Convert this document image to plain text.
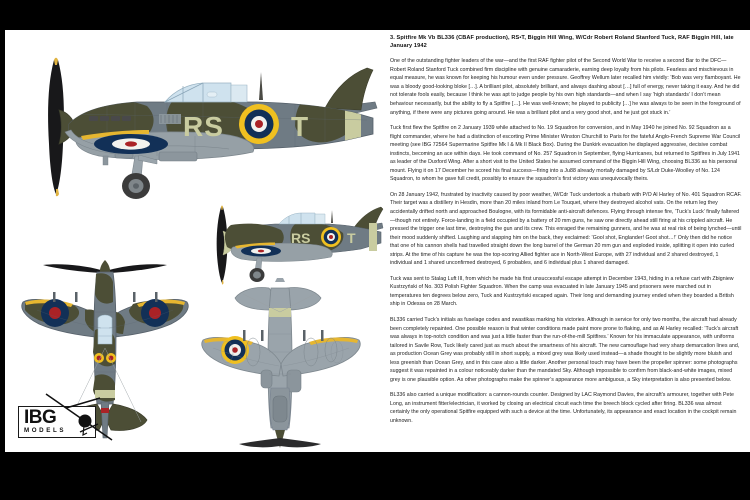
RS T
RS	T
IBG
MODELS
3. Spitfire Mk Vb BL336 (CBAF production), RS•T, Biggin Hill Wing, W/Cdr Robert Roland Stanford Tuck, RAF Biggin Hill, late January 1942

One of the outstanding fighter leaders of the war—and the first RAF fighter pilot of the Second World War to receive a second Bar to the DFC—Robert Roland Stanford Tuck combined firm discipline with genuine camaraderie, earning deep loyalty from his pilots. Fearless and mischievous in equal measure, he was known for keeping his humour even under pressure. Geoffrey Wellum later recalled him vividly: ‘Bob was very flamboyant. He was a bloody good-looking bloke […]. A brilliant pilot, absolutely brilliant, and always dashing about […] full of energy, never taking it easy. And he did not tolerate fools easily, because I think he was apt to judge people by his own high standards—and when I say ‘high standards’ I don’t mean behaviour necessarily, but the ability to fly a Spitfire […]. He was well-known; he played to publicity […] he was always to be seen in the foreground of anything, if there were any pictures going around. He was a brilliant pilot and a very good shot, and he just got stuck in.’

Tuck first flew the Spitfire on 2 January 1939 while attached to No. 19 Squadron for conversion, and in May 1940 he joined No. 92 Squadron as a flight commander, where he had a distinction of escorting Prime Minister Winston Churchill to Paris for the fateful Anglo-French Supreme War Council meeting (see IBG 72564 Supermarine Spitfire Mk I & Mk II Black Box). During the Dunkirk evacuation he displayed aggressive, decisive combat instincts, becoming an ace within days. He took command of No. 257 Squadron in September, flying Hurricanes, but returned to Spitfires in July 1941 as leader of the Duxford Wing. After a short visit to the United States he assumed command of the Biggin Hill Wing, choosing BL336 as his personal mount. Flying it on 17 December he scored his final success—firing into a Ju88 already mortally damaged by S/Ldr Duke-Woolley of No. 124 Squadron, to whom he gave full credit, possibly to ensure the squadron’s first victory was unequivocally theirs.

On 28 January 1942, frustrated by inactivity caused by poor weather, W/Cdr Tuck undertook a rhubarb with P/O Al Harley of No. 401 Squadron RCAF. Their target was a distillery in Hesdin, more than 20 miles inland from Le Touquet, where they destroyed alcohol vats. On the return leg they accidentally drifted north and approached Boulogne, with its formidable anti-aircraft defences. Flying through intense fire, ‘Tuck’s Luck’ finally faltered—though not entirely. Force-landing in a field occupied by a battery of 20 mm guns, he saw one directly ahead still firing at his crippled aircraft. He pressed the trigger one last time, destroying the gun and its crew. This enraged the remaining gunners, and he was at real risk of being lynched—until their mood suddenly shifted. Laughing and slapping him on the back, they exclaimed: ‘Gool shot, Englander! Goot shot…!’ Only then did he notice that one of his cannon shells had travelled straight down the long barrel of the German 20 mm gun and exploded inside, splitting it open into curled strips. At the time of his capture he was the top-scoring Allied fighter ace in North-West Europe, with 27 individual and 2 shared destroyed, 1 individual and 1 shared unconfirmed destroyed, 6 probables, and 6 individual plus 1 shared damaged.

Tuck was sent to Stalag Luft III, from which he made his first unsuccessful escape attempt in December 1943, hiding in a refuse cart with Zbigniew Kustrzyński of No. 303 Polish Fighter Squadron. When the camp was evacuated in late January 1945 and prisoners were marched out in temperatures ten degrees below zero, Tuck and Kustrzyński escaped again. Their long and demanding journey ended when they boarded a British ship in Odessa on 28 March.

BL336 carried Tuck’s initials as fuselage codes and swastikas marking his victories. Although in service for only two months, the aircraft had already been completely repainted. One possible reason is that winter conditions made paint more prone to flaking, and as Al Harley recalled: ‘Tuck’s aircraft was always in top-notch condition and was just a little faster than the run-of-the-mill Spitfires.’ Known for his immaculate appearance, with uniforms tailored in Savile Row, Tuck likely cared just as much about the smartness of his aircraft. The new camouflage had very sharp demarcation lines and, as production Ocean Grey was probably still in short supply, a mixed grey was likely used instead—a shade thought to be slightly more bluish and less greenish than Ocean Grey, and in this case also a little darker. Another personal touch may have been the propeller spinner: some photographs suggest it was repainted in a colour noticeably darker than the mandated Sky. Although impossible to confirm from black-and-white images, mixed grey is one plausible option. As other photographs make the spinner’s appearance more ambiguous, a Sky interpretation is also presented below.

BL336 also carried a unique modification: a cannon-rounds counter. Designed by LAC Raymond Davies, the aircraft’s armourer, together with Pete Long, an instrument fitter/electrician, it worked by closing an electrical circuit each time the breech block cycled after firing. BL336 was almost certainly the only operational Spitfire equipped with such a device at the time. Unfortunately, its appearance and exact location in the cockpit remain unknown.
